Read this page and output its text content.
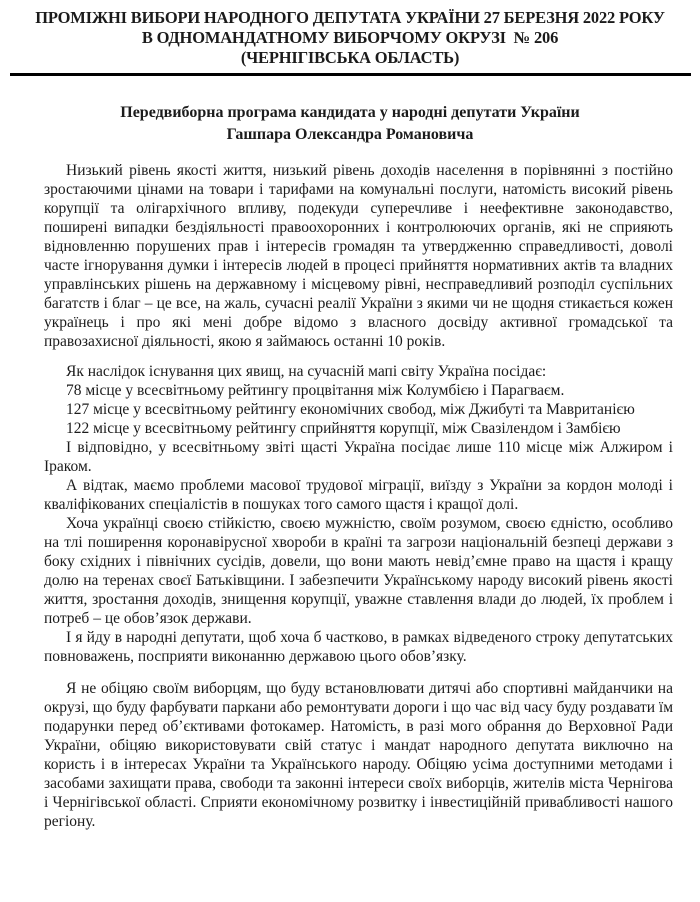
ПРОМІЖНІ ВИБОРИ НАРОДНОГО ДЕПУТАТА УКРАЇНИ 27 БЕРЕЗНЯ 2022 РОКУ
В ОДНОМАНДАТНОМУ ВИБОРЧОМУ ОКРУЗІ  № 206
(ЧЕРНІГІВСЬКА ОБЛАСТЬ)
Передвиборна програма кандидата у народні депутати України
Гашпара Олександра Романовича

Низький рівень якості життя, низький рівень доходів населення в порівнянні з постійно зростаючими цінами на товари і тарифами на комунальні послуги, натомість високий рівень корупції та олігархічного впливу, подекуди суперечливе і неефективне законодавство, поширені випадки бездіяльності правоохоронних і контролюючих органів, які не сприяють відновленню порушених прав і інтересів громадян та утвердженню справедливості, доволі часте ігнорування думки і інтересів людей в процесі прийняття нормативних актів та владних управлінських рішень на державному і місцевому рівні, несправедливий розподіл суспільних багатств і благ – це все, на жаль, сучасні реалії України з якими чи не щодня стикається кожен українець і про які мені добре відомо з власного досвіду активної громадської та правозахисної діяльності, якою я займаюсь останні 10 років.

Як наслідок існування цих явищ, на сучасній мапі світу Україна посідає:

78 місце у всесвітньому рейтингу процвітання між Колумбією і Парагваєм.

127 місце у всесвітньому рейтингу економічних свобод, між Джибуті та Мавританією

122 місце у всесвітньому рейтингу сприйняття корупції, між Свазілендом і Замбією

І відповідно, у всесвітньому звіті щасті Україна посідає лише 110 місце між Алжиром і Іраком.

А відтак, маємо проблеми масової трудової міграції, виїзду з України за кордон молоді і кваліфікованих спеціалістів в пошуках того самого щастя і кращої долі.

Хоча українці своєю стійкістю, своєю мужністю, своїм розумом, своєю єдністю, особливо на тлі поширення коронавірусної хвороби в країні та загрози національній безпеці держави з боку східних і північних сусідів, довели, що вони мають невід’ємне право на щастя і кращу долю на теренах своєї Батьківщини. І забезпечити Українському народу високий рівень якості життя, зростання доходів, знищення корупції, уважне ставлення влади до людей, їх проблем і потреб – це обов’язок держави.

І я йду в народні депутати, щоб хоча б частково, в рамках відведеного строку депутатських повноважень, посприяти виконанню державою цього обов’язку.

Я не обіцяю своїм виборцям, що буду встановлювати дитячі або спортивні майданчики на окрузі, що буду фарбувати паркани або ремонтувати дороги і що час від часу буду роздавати їм подарунки перед об’єктивами фотокамер. Натомість, в разі мого обрання до Верховної Ради України, обіцяю використовувати свій статус і мандат народного депутата виключно на користь і в інтересах України та Українського народу. Обіцяю усіма доступними методами і засобами захищати права, свободи та законні інтереси своїх виборців, жителів міста Чернігова і Чернігівської області. Сприяти економічному розвитку і інвестиційній привабливості нашого регіону.
